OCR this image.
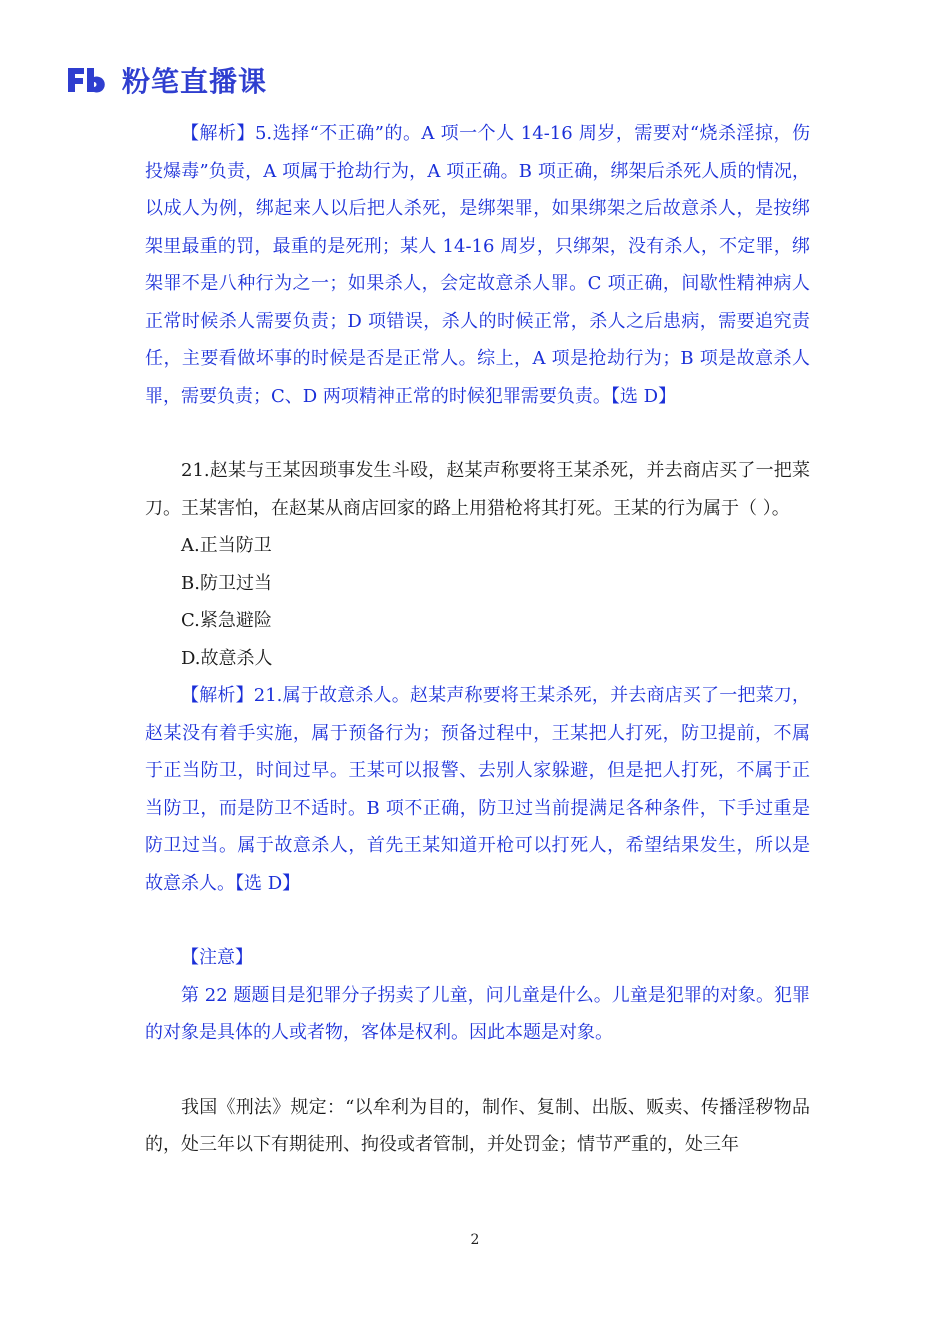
粉笔直播课

【解析】5.选择“不正确”的。A 项一个人 14-16 周岁，需要对“烧杀淫掠，伤投爆毒”负责，A 项属于抢劫行为，A 项正确。B 项正确，绑架后杀死人质的情况，以成人为例，绑起来人以后把人杀死，是绑架罪，如果绑架之后故意杀人，是按绑架里最重的罚，最重的是死刑；某人 14-16 周岁，只绑架，没有杀人，不定罪，绑架罪不是八种行为之一；如果杀人，会定故意杀人罪。C 项正确，间歇性精神病人正常时候杀人需要负责；D 项错误，杀人的时候正常，杀人之后患病，需要追究责任，主要看做坏事的时候是否是正常人。综上，A 项是抢劫行为；B 项是故意杀人罪，需要负责；C、D 两项精神正常的时候犯罪需要负责。【选 D】

21.赵某与王某因琐事发生斗殴，赵某声称要将王某杀死，并去商店买了一把菜刀。王某害怕，在赵某从商店回家的路上用猎枪将其打死。王某的行为属于（ ）。

A.正当防卫

B.防卫过当

C.紧急避险

D.故意杀人

【解析】21.属于故意杀人。赵某声称要将王某杀死，并去商店买了一把菜刀，赵某没有着手实施，属于预备行为；预备过程中，王某把人打死，防卫提前，不属于正当防卫，时间过早。王某可以报警、去别人家躲避，但是把人打死，不属于正当防卫，而是防卫不适时。B 项不正确，防卫过当前提满足各种条件，下手过重是防卫过当。属于故意杀人，首先王某知道开枪可以打死人，希望结果发生，所以是故意杀人。【选 D】

【注意】

第 22 题题目是犯罪分子拐卖了儿童，问儿童是什么。儿童是犯罪的对象。犯罪的对象是具体的人或者物，客体是权利。因此本题是对象。

我国《刑法》规定：“以牟利为目的，制作、复制、出版、贩卖、传播淫秽物品的，处三年以下有期徒刑、拘役或者管制，并处罚金；情节严重的，处三年

2
